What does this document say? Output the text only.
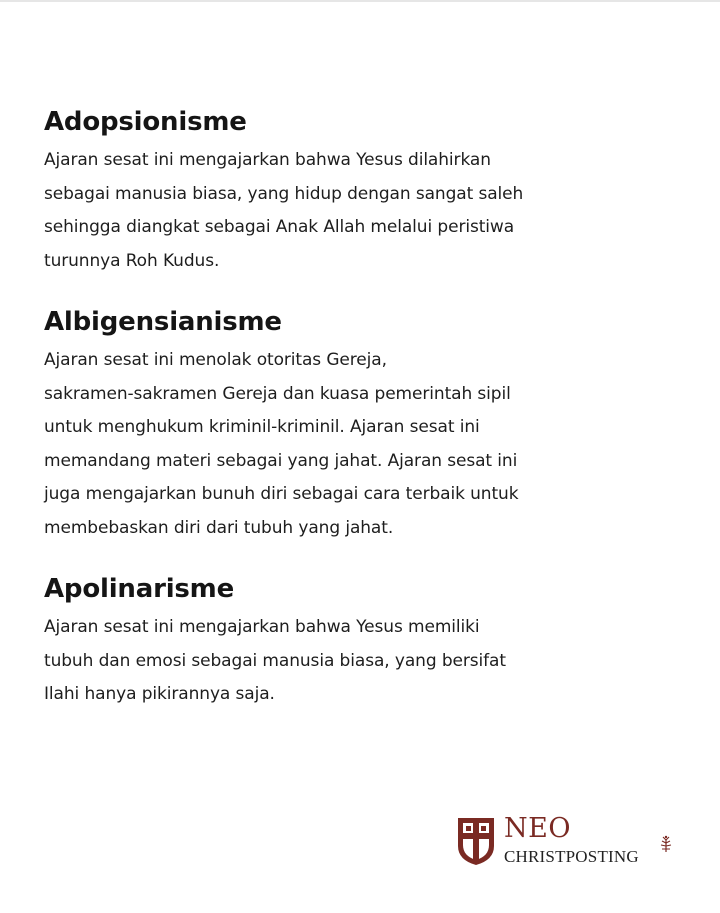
Adopsionisme

Ajaran sesat ini mengajarkan bahwa Yesus dilahirkan
sebagai manusia biasa, yang hidup dengan sangat saleh
sehingga diangkat sebagai Anak Allah melalui peristiwa
turunnya Roh Kudus.

Albigensianisme

Ajaran sesat ini menolak otoritas Gereja,
sakramen-sakramen Gereja dan kuasa pemerintah sipil
untuk menghukum kriminil-kriminil. Ajaran sesat ini
memandang materi sebagai yang jahat. Ajaran sesat ini
juga mengajarkan bunuh diri sebagai cara terbaik untuk
membebaskan diri dari tubuh yang jahat.

Apolinarisme

Ajaran sesat ini mengajarkan bahwa Yesus memiliki
tubuh dan emosi sebagai manusia biasa, yang bersifat
Ilahi hanya pikirannya saja.

NEO
CHRISTPOSTING
